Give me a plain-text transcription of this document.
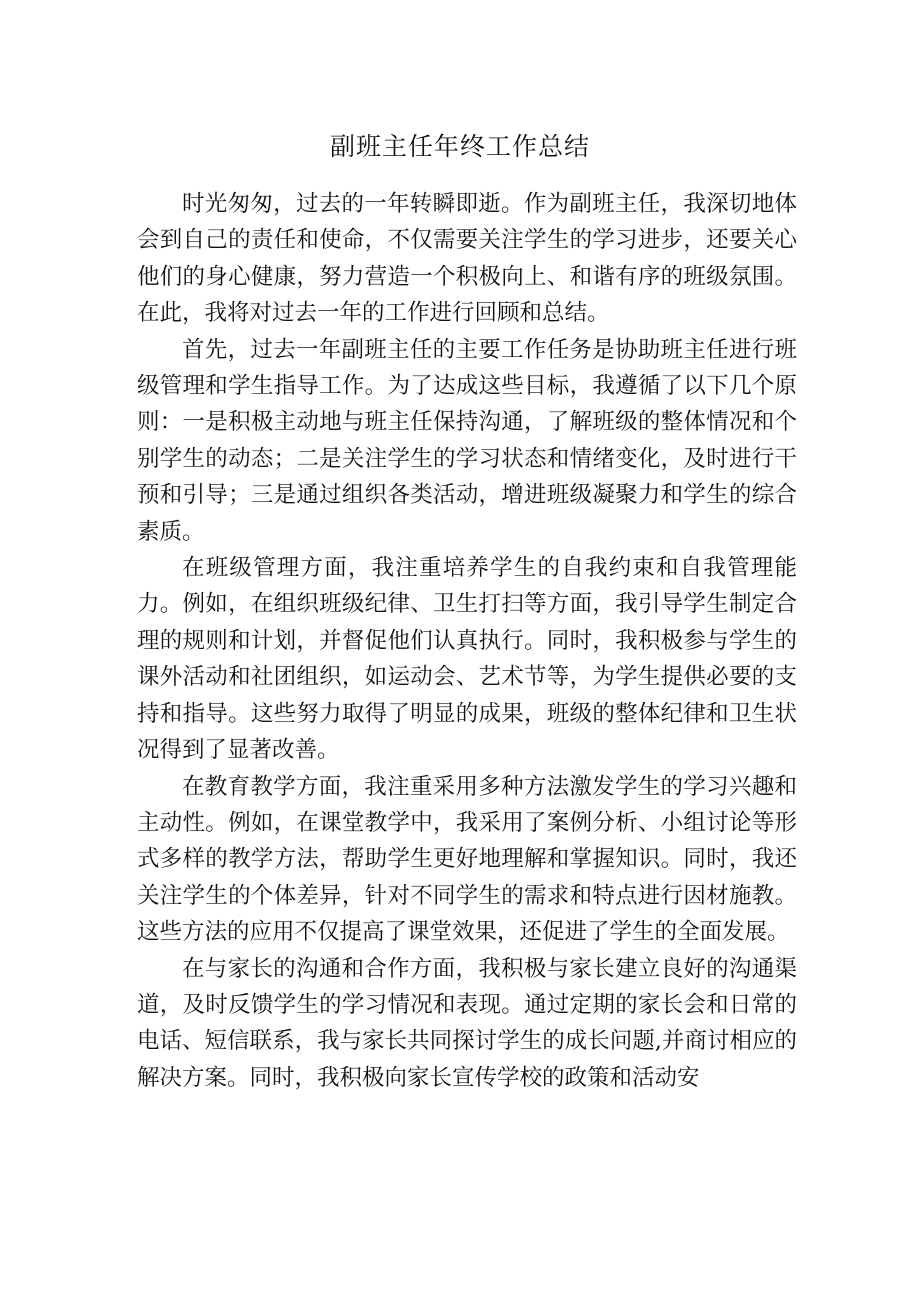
副班主任年终工作总结

时光匆匆，过去的一年转瞬即逝。作为副班主任，我深切地体会到自己的责任和使命，不仅需要关注学生的学习进步，还要关心他们的身心健康，努力营造一个积极向上、和谐有序的班级氛围。在此，我将对过去一年的工作进行回顾和总结。

首先，过去一年副班主任的主要工作任务是协助班主任进行班级管理和学生指导工作。为了达成这些目标，我遵循了以下几个原则：一是积极主动地与班主任保持沟通，了解班级的整体情况和个别学生的动态；二是关注学生的学习状态和情绪变化，及时进行干预和引导；三是通过组织各类活动，增进班级凝聚力和学生的综合素质。

在班级管理方面，我注重培养学生的自我约束和自我管理能力。例如，在组织班级纪律、卫生打扫等方面，我引导学生制定合理的规则和计划，并督促他们认真执行。同时，我积极参与学生的课外活动和社团组织，如运动会、艺术节等，为学生提供必要的支持和指导。这些努力取得了明显的成果，班级的整体纪律和卫生状况得到了显著改善。

在教育教学方面，我注重采用多种方法激发学生的学习兴趣和主动性。例如，在课堂教学中，我采用了案例分析、小组讨论等形式多样的教学方法，帮助学生更好地理解和掌握知识。同时，我还关注学生的个体差异，针对不同学生的需求和特点进行因材施教。这些方法的应用不仅提高了课堂效果，还促进了学生的全面发展。

在与家长的沟通和合作方面，我积极与家长建立良好的沟通渠道，及时反馈学生的学习情况和表现。通过定期的家长会和日常的电话、短信联系，我与家长共同探讨学生的成长问题,并商讨相应的解决方案。同时，我积极向家长宣传学校的政策和活动安
